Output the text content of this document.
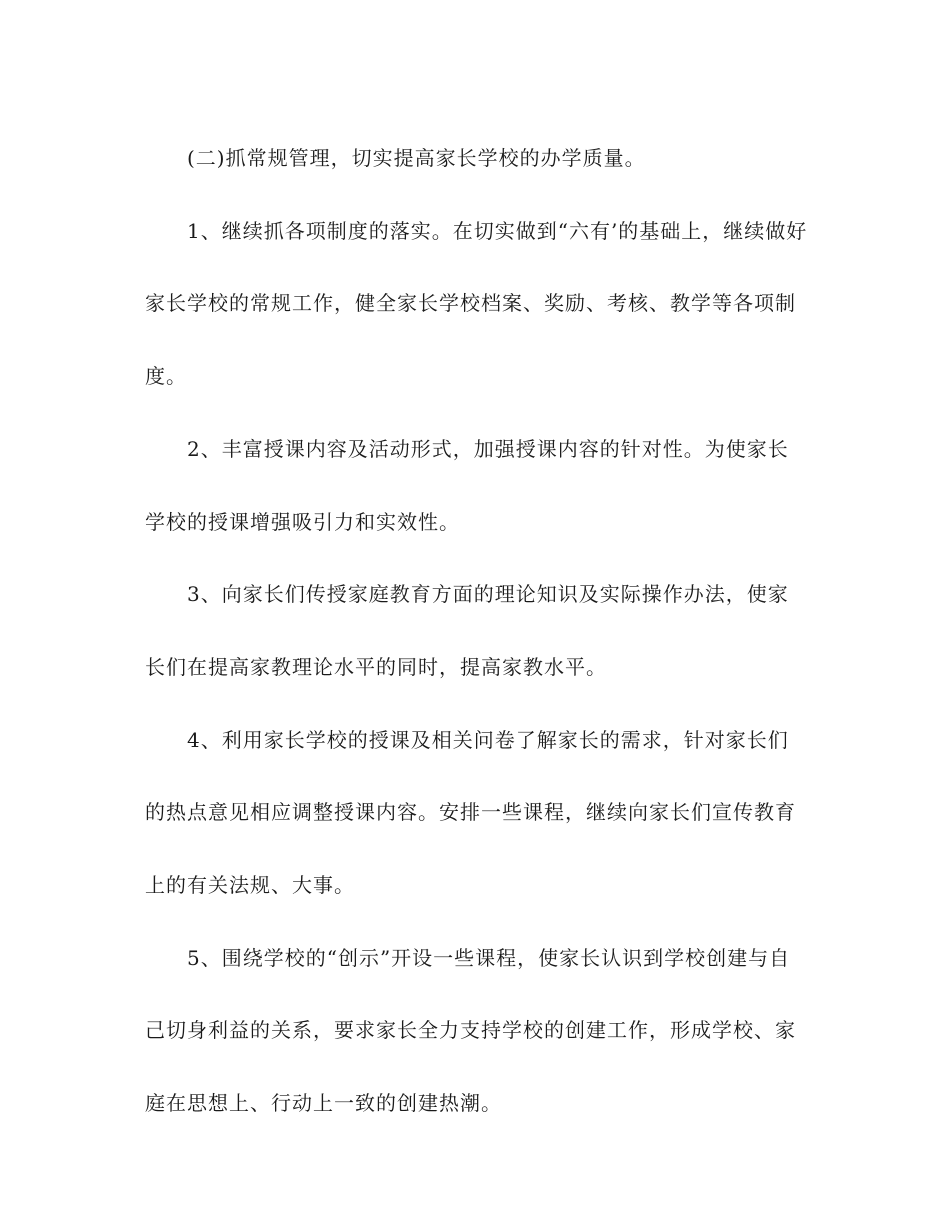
(二)抓常规管理，切实提高家长学校的办学质量。

1、继续抓各项制度的落实。在切实做到“六有’的基础上，继续做好家长学校的常规工作，健全家长学校档案、奖励、考核、教学等各项制度。

2、丰富授课内容及活动形式，加强授课内容的针对性。为使家长学校的授课增强吸引力和实效性。

3、向家长们传授家庭教育方面的理论知识及实际操作办法，使家长们在提高家教理论水平的同时，提高家教水平。

4、利用家长学校的授课及相关问卷了解家长的需求，针对家长们的热点意见相应调整授课内容。安排一些课程，继续向家长们宣传教育上的有关法规、大事。

5、围绕学校的“创示”开设一些课程，使家长认识到学校创建与自己切身利益的关系，要求家长全力支持学校的创建工作，形成学校、家庭在思想上、行动上一致的创建热潮。
